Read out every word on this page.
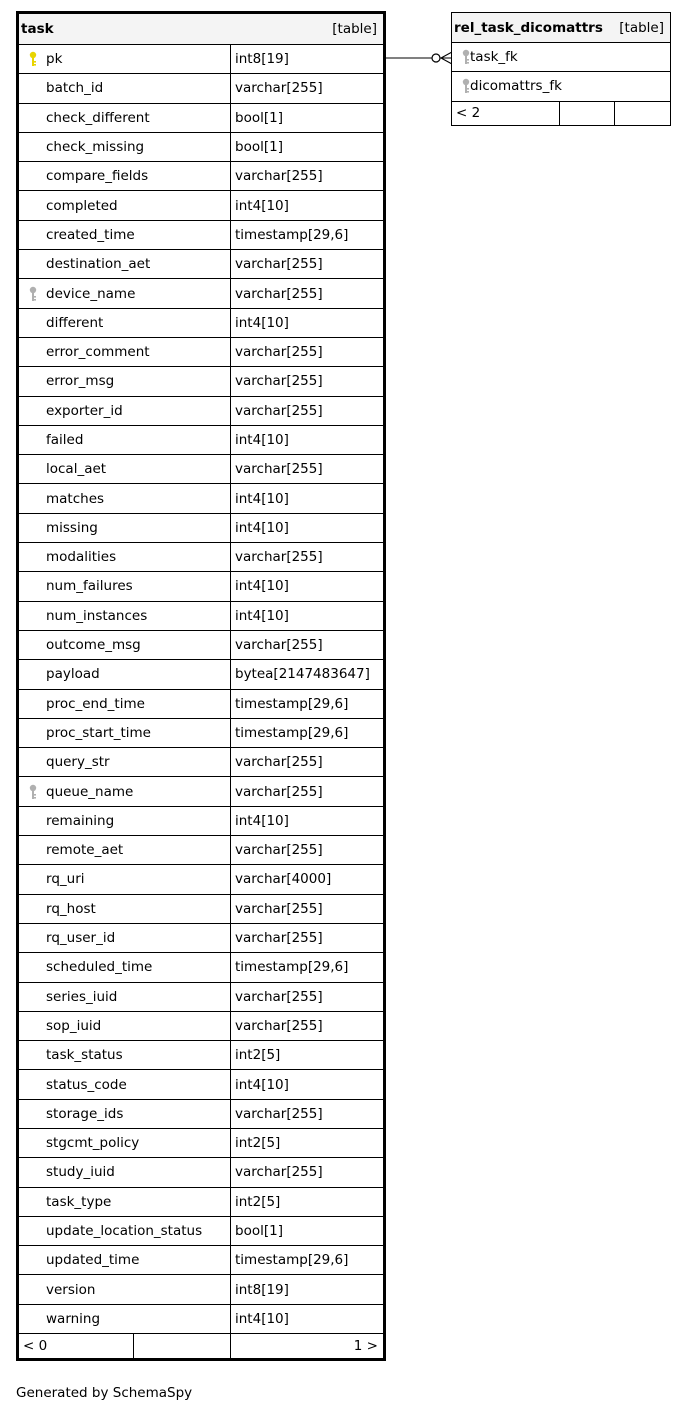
task	[table]
pk	int8[19]
batch_id	varchar[255]
check_different	bool[1]
check_missing	bool[1]
compare_fields	varchar[255]
completed	int4[10]
created_time	timestamp[29,6]
destination_aet	varchar[255]
device_name	varchar[255]
different	int4[10]
error_comment	varchar[255]
error_msg	varchar[255]
exporter_id	varchar[255]
failed	int4[10]
local_aet	varchar[255]
matches	int4[10]
missing	int4[10]
modalities	varchar[255]
num_failures	int4[10]
num_instances	int4[10]
outcome_msg	varchar[255]
payload	bytea[2147483647]
proc_end_time	timestamp[29,6]
proc_start_time	timestamp[29,6]
query_str	varchar[255]
queue_name	varchar[255]
remaining	int4[10]
remote_aet	varchar[255]
rq_uri	varchar[4000]
rq_host	varchar[255]
rq_user_id	varchar[255]
scheduled_time	timestamp[29,6]
series_iuid	varchar[255]
sop_iuid	varchar[255]
task_status	int2[5]
status_code	int4[10]
storage_ids	varchar[255]
stgcmt_policy	int2[5]
study_iuid	varchar[255]
task_type	int2[5]
update_location_status bool[1]
updated_time	timestamp[29,6]
version	int8[19]
warning	int4[10]
< 0	1 >
rel_task_dicomattrs [table]
task_fk
dicomattrs_fk
< 2
Generated by SchemaSpy
